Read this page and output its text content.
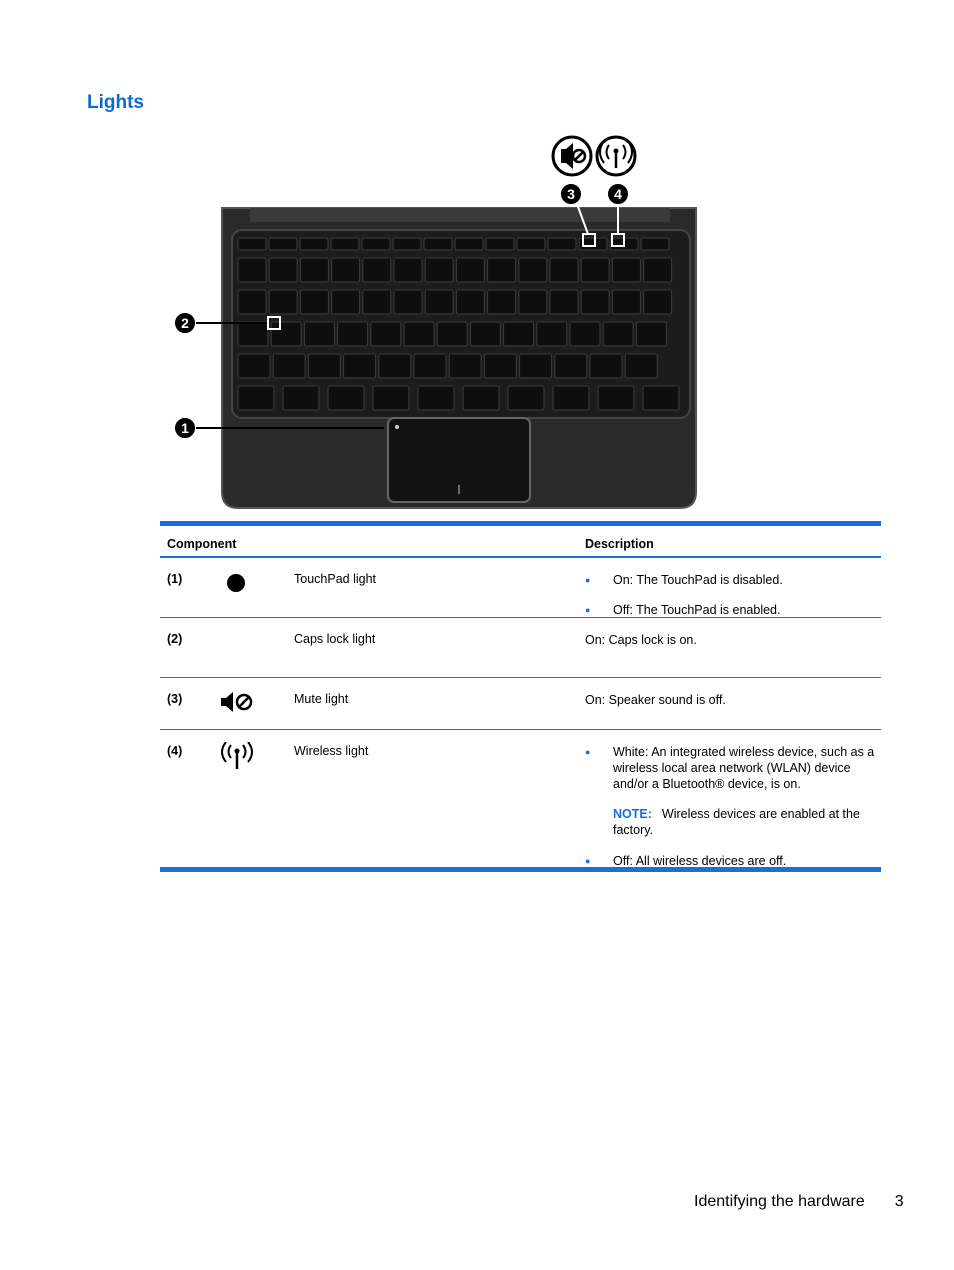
Lights
3	4
2
1
Component	Description
(1)	TouchPad light	● On: The TouchPad is disabled.

● Off: The TouchPad is enabled.

(2)	Caps lock light	On: Caps lock is on.
(3)	Mute light	On: Speaker sound is off.
(4)	Wireless light	● White: An integrated wireless device, such as a wireless local area network (WLAN) device and/or a Bluetooth® device, is on.

NOTE: Wireless devices are enabled at the factory.

● Off: All wireless devices are off.

Identifying the hardware 3
